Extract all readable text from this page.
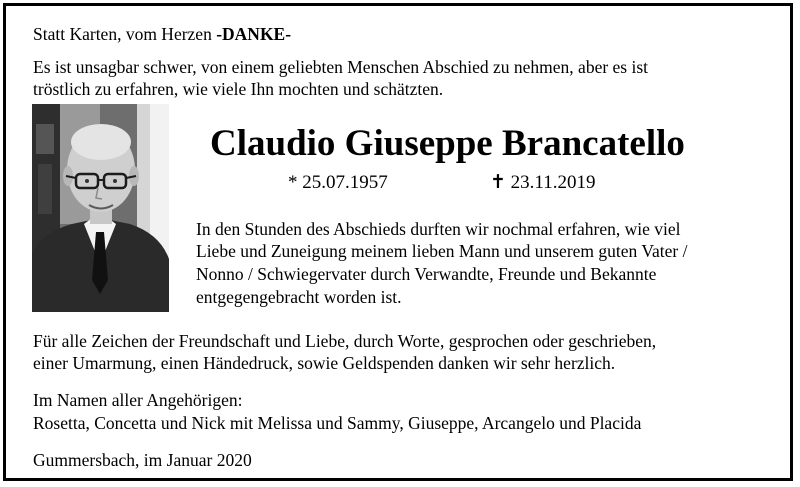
Statt Karten, vom Herzen -DANKE-
Es ist unsagbar schwer, von einem geliebten Menschen Abschied zu nehmen, aber es ist
tröstlich zu erfahren, wie viele Ihn mochten und schätzten.
Claudio Giuseppe Brancatello
* 25.07.1957	✝ 23.11.2019
In den Stunden des Abschieds durften wir nochmal erfahren, wie viel
Liebe und Zuneigung meinem lieben Mann und unserem guten Vater /
Nonno / Schwiegervater durch Verwandte, Freunde und Bekannte
entgegengebracht worden ist.
Für alle Zeichen der Freundschaft und Liebe, durch Worte, gesprochen oder geschrieben,
einer Umarmung, einen Händedruck, sowie Geldspenden danken wir sehr herzlich.
Im Namen aller Angehörigen:
Rosetta, Concetta und Nick mit Melissa und Sammy, Giuseppe, Arcangelo und Placida
Gummersbach, im Januar 2020
